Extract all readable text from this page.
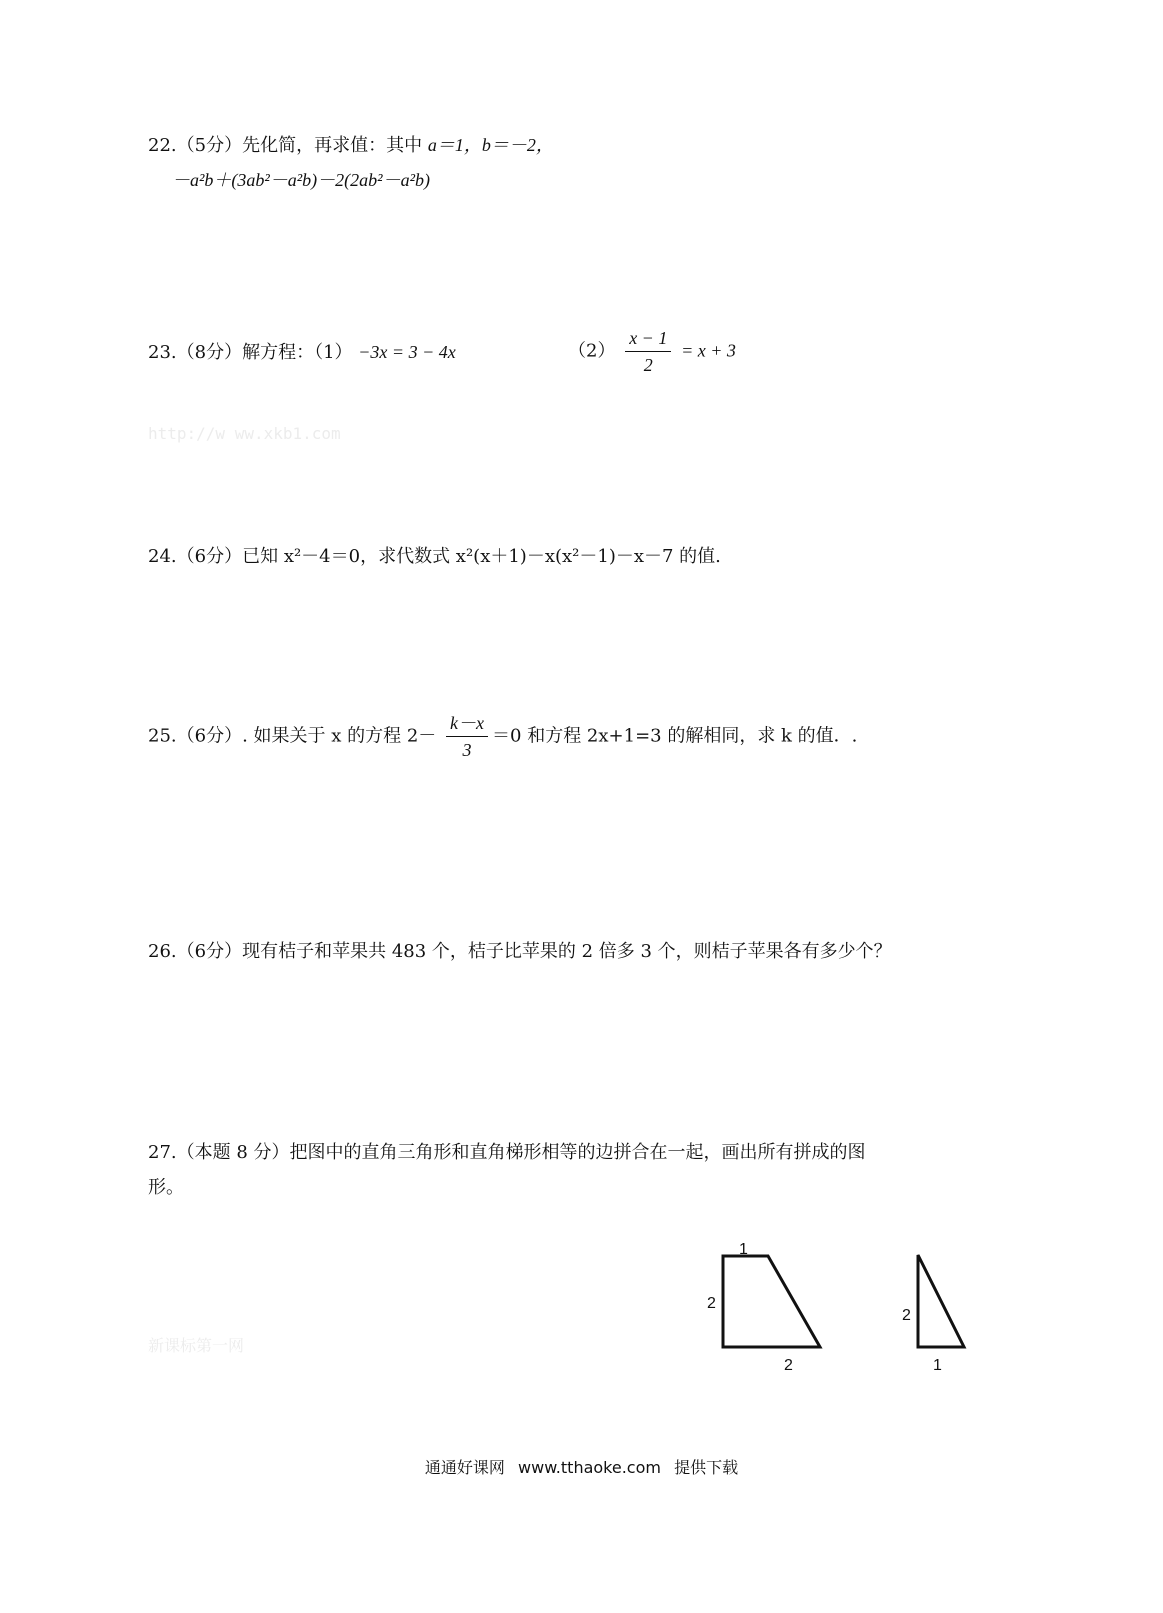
22.（5分）先化简，再求值：其中 a＝1，b＝－2，
－a²b＋(3ab²－a²b)－2(2ab²－a²b)
23.（8分）解方程：（1） −3x = 3 − 4x	$(2) \frac{x - 1}{2} = x + 3$
http://w ww.xkb1.com
24.（6分）已知 x²－4＝0，求代数式 x²(x＋1)－x(x²－1)－x－7 的值.
25.（6分）. 如果关于 x 的方程 $2- \frac{k-x}{3} =0$ 和方程 2x+1=3 的解相同，求 k 的值．.
26.（6分）现有桔子和苹果共 483 个，桔子比苹果的 2 倍多 3 个，则桔子苹果各有多少个？
27.（本题 8 分）把图中的直角三角形和直角梯形相等的边拼合在一起，画出所有拼成的图
形。
新课标第一网
1
2
2
2
1
通通好课网 www.tthaoke.com 提供下载
